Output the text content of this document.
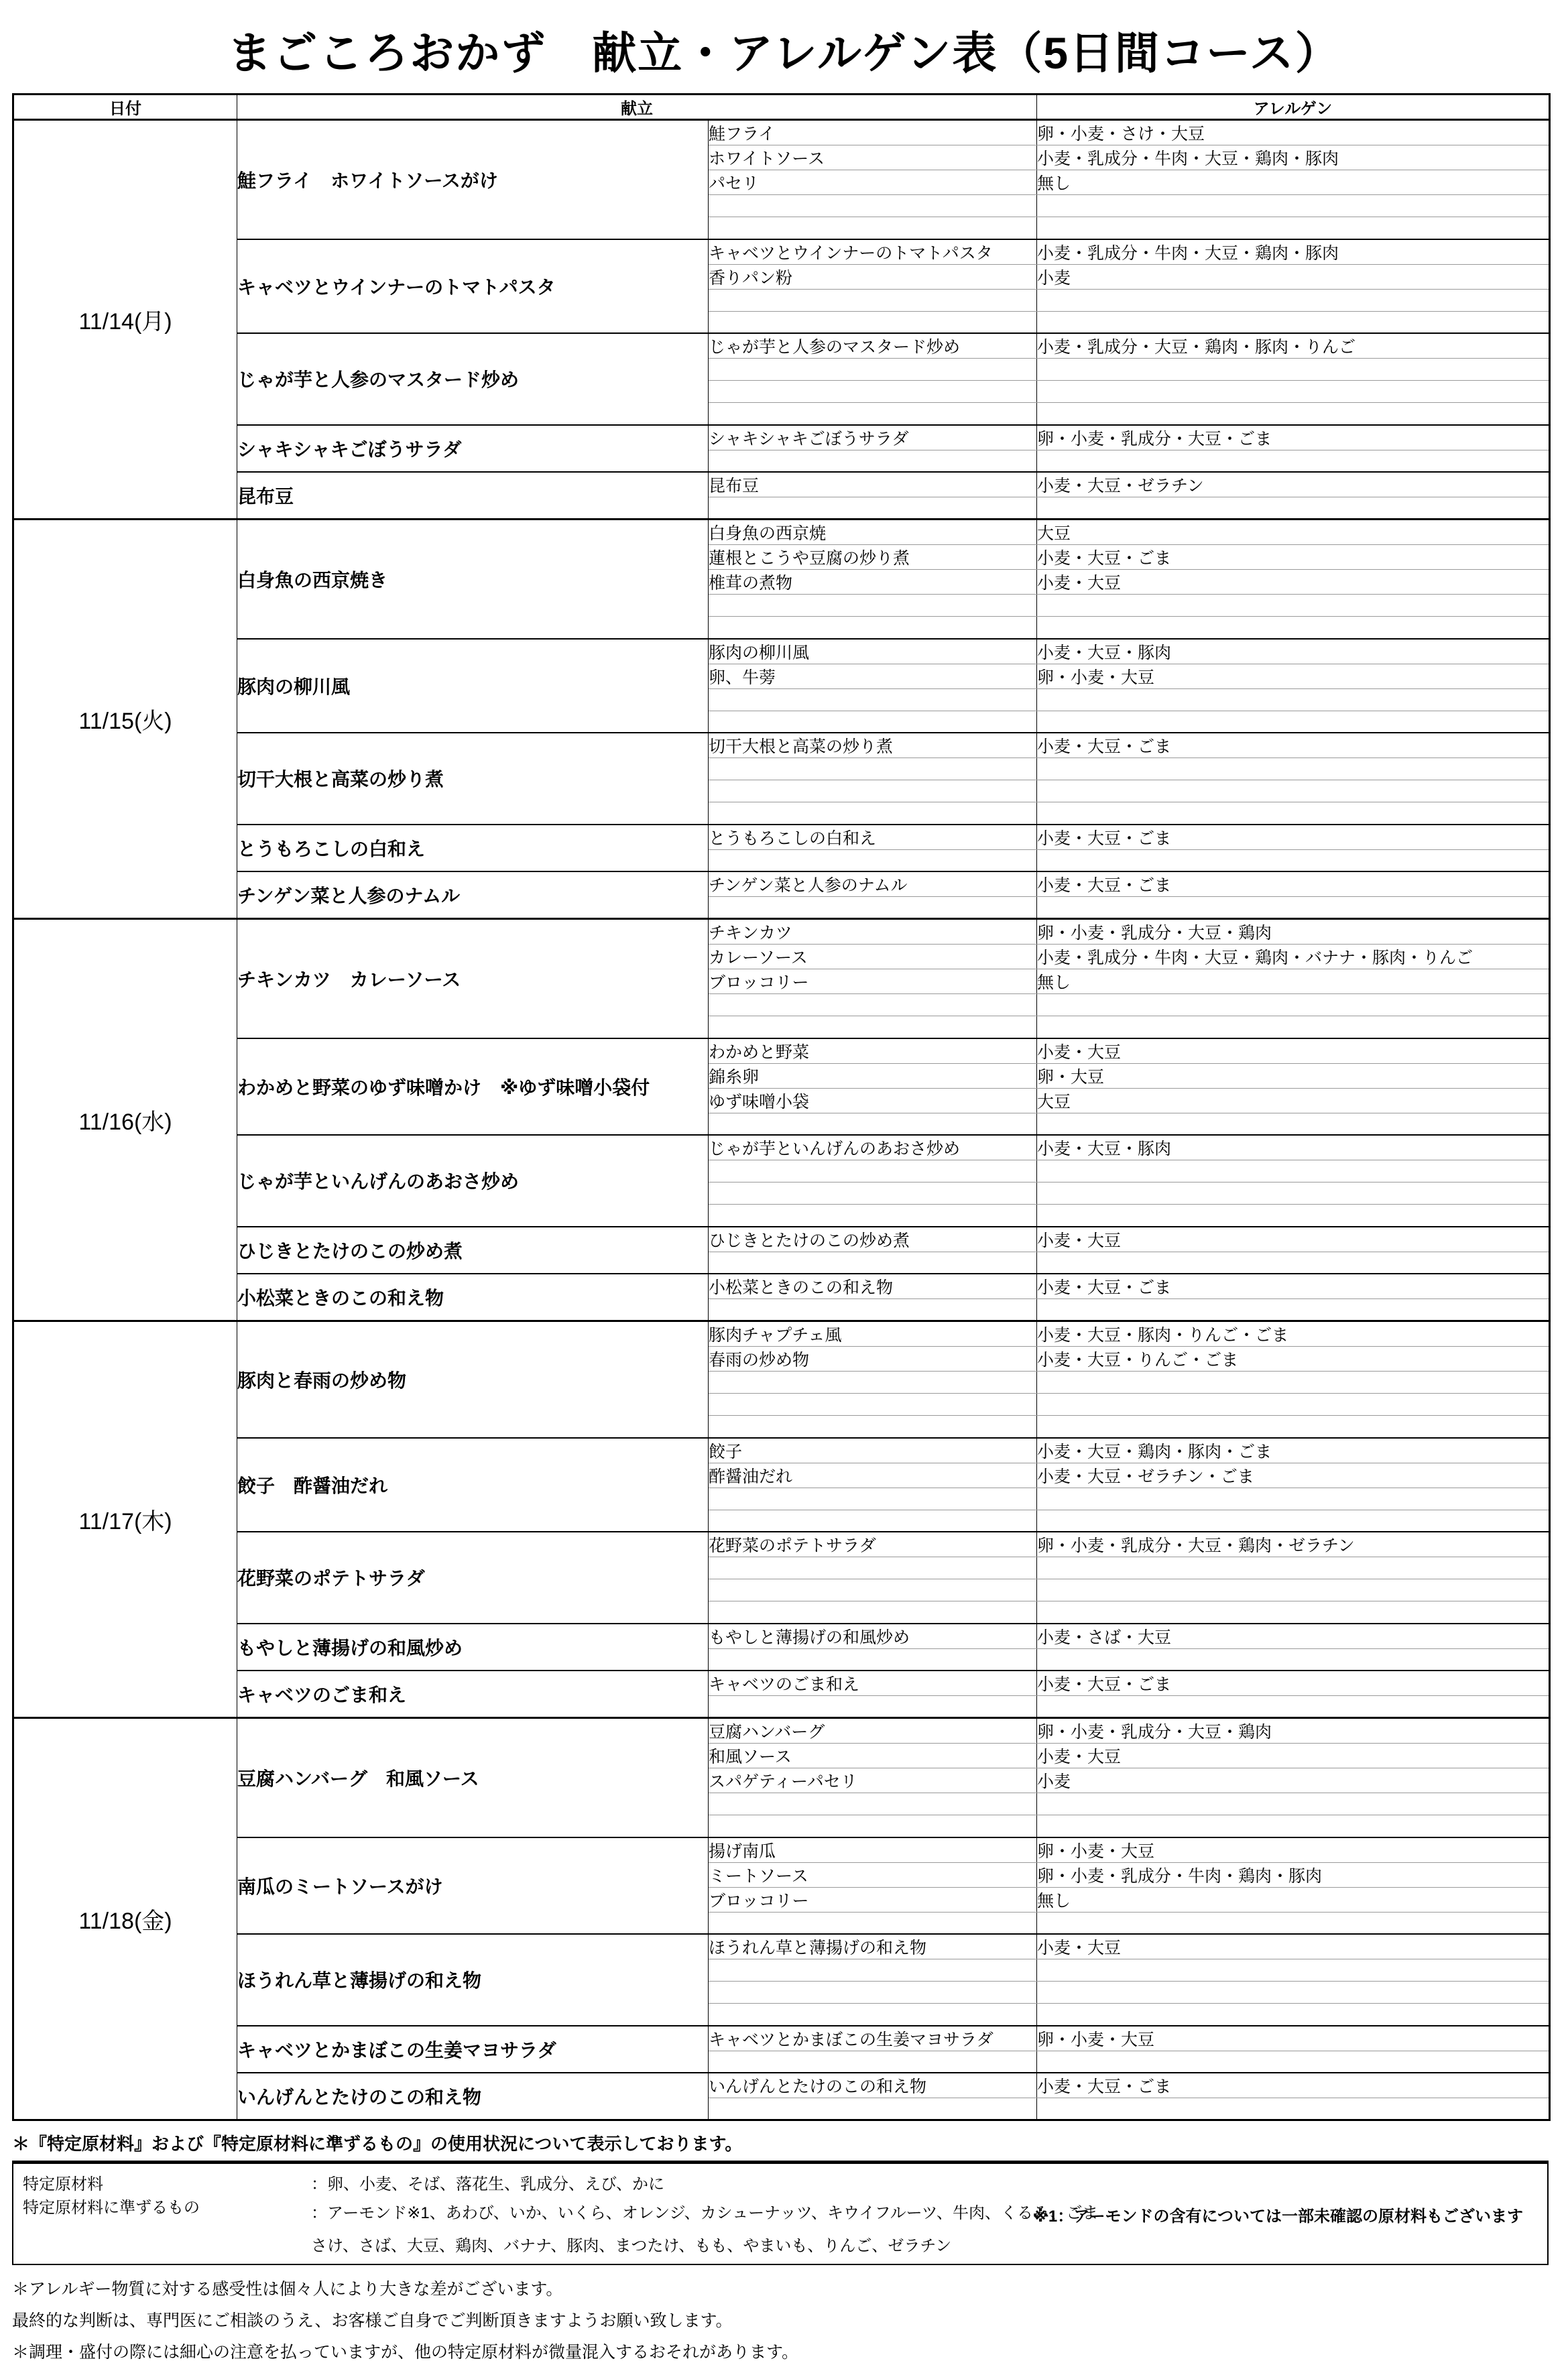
まごころおかず　献立・アレルゲン表（5日間コース）
日付	献立		アレルゲン
11/14(月)	鮭フライ　ホワイトソースがけ	鮭フライ	卵・小麦・さけ・大豆
		ホワイトソース	小麦・乳成分・牛肉・大豆・鶏肉・豚肉
		パセリ	無し

	キャベツとウインナーのトマトパスタ	キャベツとウインナーのトマトパスタ	小麦・乳成分・牛肉・大豆・鶏肉・豚肉
		香りパン粉	小麦

	じゃが芋と人参のマスタード炒め	じゃが芋と人参のマスタード炒め	小麦・乳成分・大豆・鶏肉・豚肉・りんご

	シャキシャキごぼうサラダ	シャキシャキごぼうサラダ	卵・小麦・乳成分・大豆・ごま

	昆布豆	昆布豆	小麦・大豆・ゼラチン

11/15(火)	白身魚の西京焼き	白身魚の西京焼	大豆
		蓮根とこうや豆腐の炒り煮	小麦・大豆・ごま
		椎茸の煮物	小麦・大豆

	豚肉の柳川風	豚肉の柳川風	小麦・大豆・豚肉
		卵、牛蒡	卵・小麦・大豆

	切干大根と高菜の炒り煮	切干大根と高菜の炒り煮	小麦・大豆・ごま

	とうもろこしの白和え	とうもろこしの白和え	小麦・大豆・ごま

	チンゲン菜と人参のナムル	チンゲン菜と人参のナムル	小麦・大豆・ごま

11/16(水)	チキンカツ　カレーソース	チキンカツ	卵・小麦・乳成分・大豆・鶏肉
		カレーソース	小麦・乳成分・牛肉・大豆・鶏肉・バナナ・豚肉・りんご
		ブロッコリー	無し

	わかめと野菜のゆず味噌かけ　※ゆず味噌小袋付	わかめと野菜	小麦・大豆
		錦糸卵	卵・大豆
		ゆず味噌小袋	大豆

	じゃが芋といんげんのあおさ炒め	じゃが芋といんげんのあおさ炒め	小麦・大豆・豚肉

	ひじきとたけのこの炒め煮	ひじきとたけのこの炒め煮	小麦・大豆

	小松菜ときのこの和え物	小松菜ときのこの和え物	小麦・大豆・ごま

11/17(木)	豚肉と春雨の炒め物	豚肉チャプチェ風	小麦・大豆・豚肉・りんご・ごま
		春雨の炒め物	小麦・大豆・りんご・ごま

	餃子　酢醤油だれ	餃子	小麦・大豆・鶏肉・豚肉・ごま
		酢醤油だれ	小麦・大豆・ゼラチン・ごま

	花野菜のポテトサラダ	花野菜のポテトサラダ	卵・小麦・乳成分・大豆・鶏肉・ゼラチン

	もやしと薄揚げの和風炒め	もやしと薄揚げの和風炒め	小麦・さば・大豆

	キャベツのごま和え	キャベツのごま和え	小麦・大豆・ごま

11/18(金)	豆腐ハンバーグ　和風ソース	豆腐ハンバーグ	卵・小麦・乳成分・大豆・鶏肉
		和風ソース	小麦・大豆
		スパゲティーパセリ	小麦

	南瓜のミートソースがけ	揚げ南瓜	卵・小麦・大豆
		ミートソース	卵・小麦・乳成分・牛肉・鶏肉・豚肉
		ブロッコリー	無し

	ほうれん草と薄揚げの和え物	ほうれん草と薄揚げの和え物	小麦・大豆

	キャベツとかまぼこの生姜マヨサラダ	キャベツとかまぼこの生姜マヨサラダ	卵・小麦・大豆

	いんげんとたけのこの和え物	いんげんとたけのこの和え物	小麦・大豆・ごま

＊『特定原材料』および『特定原材料に準ずるもの』の使用状況について表示しております。
特定原材料	：卵、小麦、そば、落花生、乳成分、えび、かに
特定原材料に準ずるもの	：アーモンド※1、あわび、いか、いくら、オレンジ、カシューナッツ、キウイフルーツ、牛肉、くるみ、ごま
さけ、さば、大豆、鶏肉、バナナ、豚肉、まつたけ、もも、やまいも、りんご、ゼラチン
※1：アーモンドの含有については一部未確認の原材料もございます

＊アレルギー物質に対する感受性は個々人により大きな差がございます。

最終的な判断は、専門医にご相談のうえ、お客様ご自身でご判断頂きますようお願い致します。

＊調理・盛付の際には細心の注意を払っていますが、他の特定原材料が微量混入するおそれがあります。
